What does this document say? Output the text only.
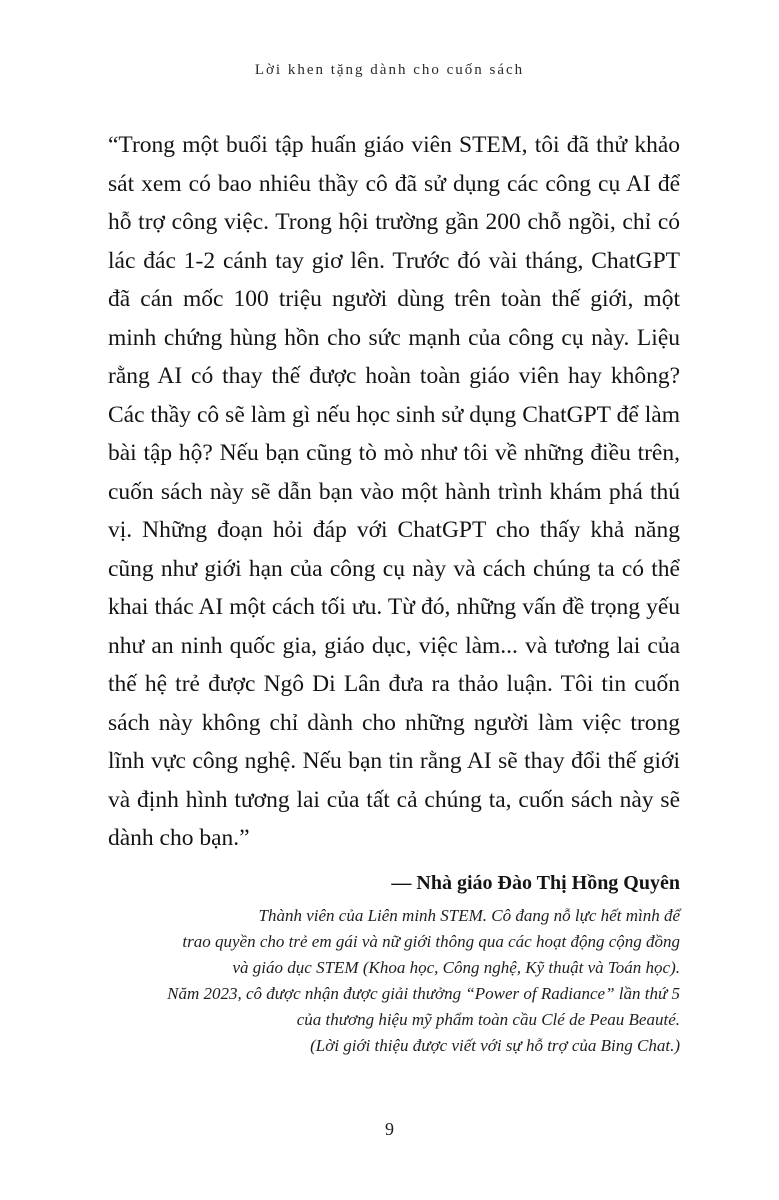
Lời khen tặng dành cho cuốn sách
“Trong một buổi tập huấn giáo viên STEM, tôi đã thử khảo sát xem có bao nhiêu thầy cô đã sử dụng các công cụ AI để hỗ trợ công việc. Trong hội trường gần 200 chỗ ngồi, chỉ có lác đác 1-2 cánh tay giơ lên. Trước đó vài tháng, ChatGPT đã cán mốc 100 triệu người dùng trên toàn thế giới, một minh chứng hùng hồn cho sức mạnh của công cụ này. Liệu rằng AI có thay thế được hoàn toàn giáo viên hay không? Các thầy cô sẽ làm gì nếu học sinh sử dụng ChatGPT để làm bài tập hộ? Nếu bạn cũng tò mò như tôi về những điều trên, cuốn sách này sẽ dẫn bạn vào một hành trình khám phá thú vị. Những đoạn hỏi đáp với ChatGPT cho thấy khả năng cũng như giới hạn của công cụ này và cách chúng ta có thể khai thác AI một cách tối ưu. Từ đó, những vấn đề trọng yếu như an ninh quốc gia, giáo dục, việc làm... và tương lai của thế hệ trẻ được Ngô Di Lân đưa ra thảo luận. Tôi tin cuốn sách này không chỉ dành cho những người làm việc trong lĩnh vực công nghệ. Nếu bạn tin rằng AI sẽ thay đổi thế giới và định hình tương lai của tất cả chúng ta, cuốn sách này sẽ dành cho bạn.”
— Nhà giáo Đào Thị Hồng Quyên
Thành viên của Liên minh STEM. Cô đang nỗ lực hết mình để
trao quyền cho trẻ em gái và nữ giới thông qua các hoạt động cộng đồng
và giáo dục STEM (Khoa học, Công nghệ, Kỹ thuật và Toán học).
Năm 2023, cô được nhận được giải thưởng “Power of Radiance” lần thứ 5
của thương hiệu mỹ phẩm toàn cầu Clé de Peau Beauté.
(Lời giới thiệu được viết với sự hỗ trợ của Bing Chat.)
9
